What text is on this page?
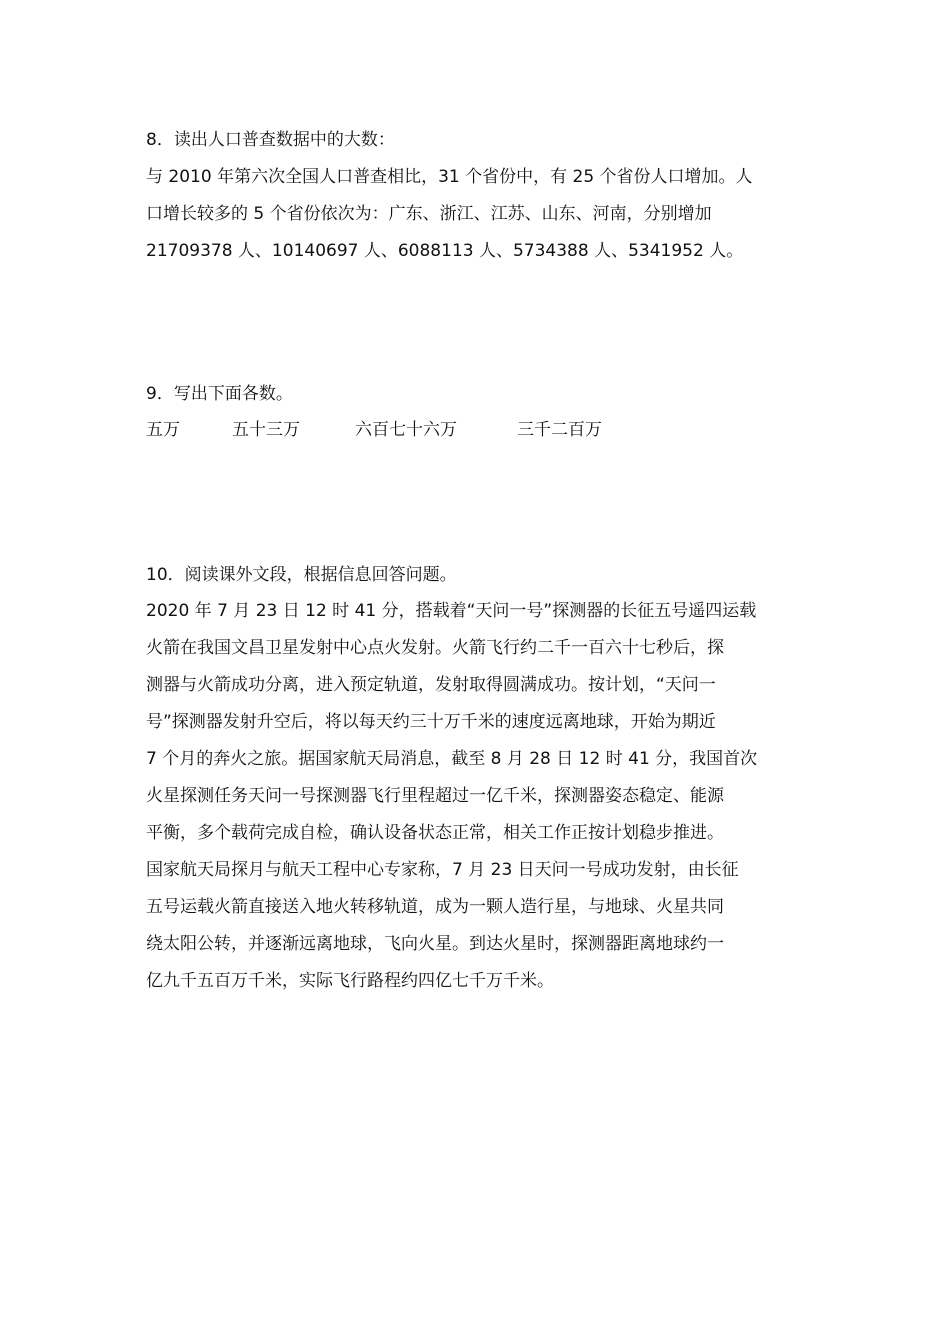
8．读出人口普查数据中的大数：
与 2010 年第六次全国人口普查相比，31 个省份中，有 25 个省份人口增加。人
口增长较多的 5 个省份依次为：广东、浙江、江苏、山东、河南，分别增加
21709378 人、10140697 人、6088113 人、5734388 人、5341952 人。
9．写出下面各数。
五万	五十三万	六百七十六万	三千二百万
10．阅读课外文段，根据信息回答问题。
2020 年 7 月 23 日 12 时 41 分，搭载着“天问一号”探测器的长征五号遥四运载
火箭在我国文昌卫星发射中心点火发射。火箭飞行约二千一百六十七秒后，探
测器与火箭成功分离，进入预定轨道，发射取得圆满成功。按计划，“天问一
号”探测器发射升空后，将以每天约三十万千米的速度远离地球，开始为期近
7 个月的奔火之旅。据国家航天局消息，截至 8 月 28 日 12 时 41 分，我国首次
火星探测任务天问一号探测器飞行里程超过一亿千米，探测器姿态稳定、能源
平衡，多个载荷完成自检，确认设备状态正常，相关工作正按计划稳步推进。
国家航天局探月与航天工程中心专家称，7 月 23 日天问一号成功发射，由长征
五号运载火箭直接送入地火转移轨道，成为一颗人造行星，与地球、火星共同
绕太阳公转，并逐渐远离地球，飞向火星。到达火星时，探测器距离地球约一
亿九千五百万千米，实际飞行路程约四亿七千万千米。
